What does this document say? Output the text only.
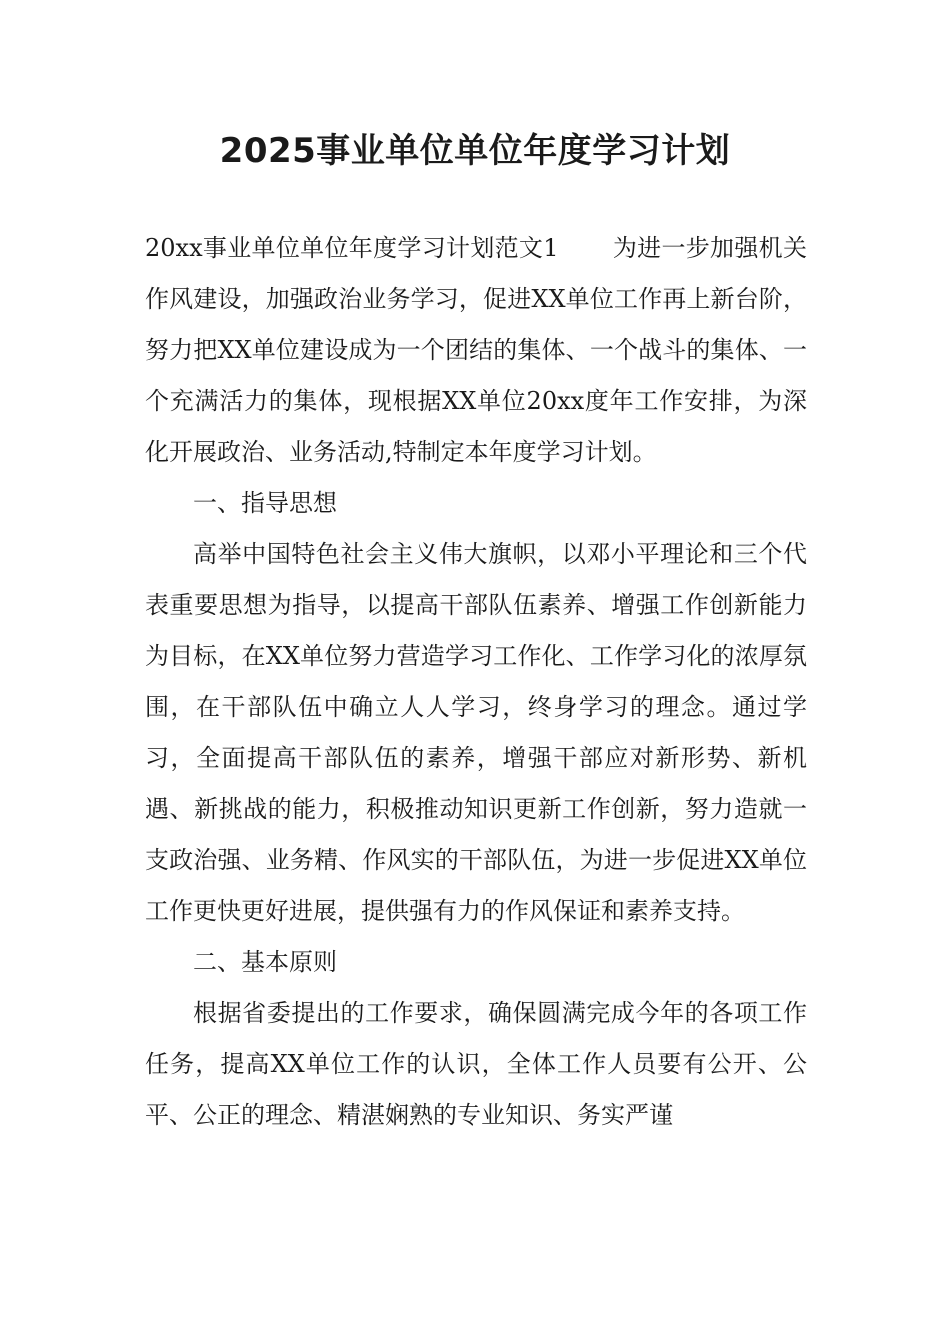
2025事业单位单位年度学习计划

20xx事业单位单位年度学习计划范文1 为进一步加强机关作风建设，加强政治业务学习，促进XX单位工作再上新台阶，努力把XX单位建设成为一个团结的集体、一个战斗的集体、一个充满活力的集体，现根据XX单位20xx度年工作安排，为深化开展政治、业务活动,特制定本年度学习计划。

一、指导思想

高举中国特色社会主义伟大旗帜，以邓小平理论和三个代表重要思想为指导，以提高干部队伍素养、增强工作创新能力为目标，在XX单位努力营造学习工作化、工作学习化的浓厚氛围，在干部队伍中确立人人学习，终身学习的理念。通过学习，全面提高干部队伍的素养，增强干部应对新形势、新机遇、新挑战的能力，积极推动知识更新工作创新，努力造就一支政治强、业务精、作风实的干部队伍，为进一步促进XX单位工作更快更好进展，提供强有力的作风保证和素养支持。

二、基本原则

根据省委提出的工作要求，确保圆满完成今年的各项工作任务，提高XX单位工作的认识，全体工作人员要有公开、公平、公正的理念、精湛娴熟的专业知识、务实严谨
